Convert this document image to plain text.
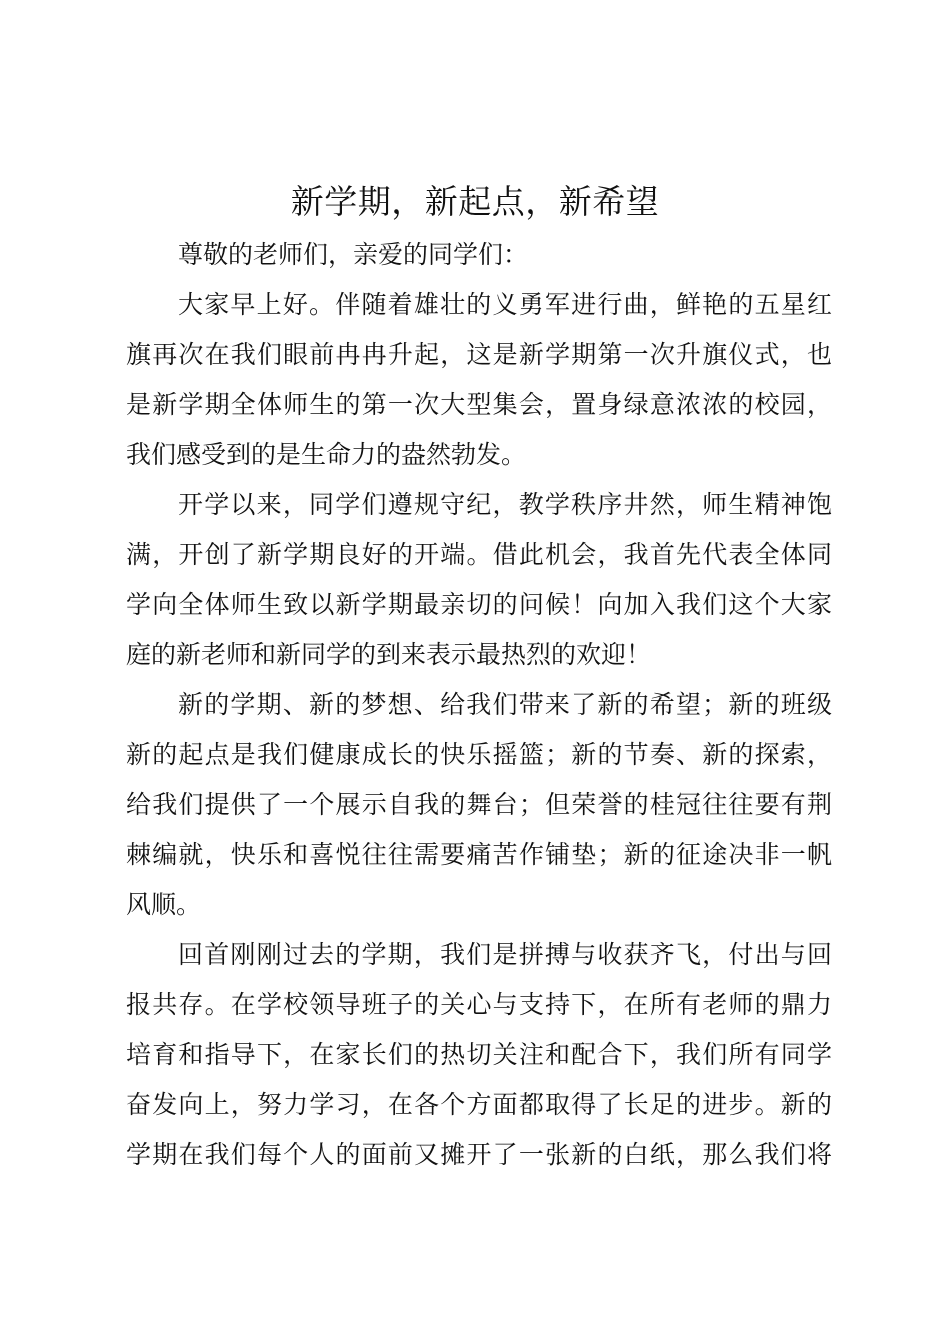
新学期，新起点，新希望

尊敬的老师们，亲爱的同学们：

大家早上好。伴随着雄壮的义勇军进行曲，鲜艳的五星红
旗再次在我们眼前冉冉升起，这是新学期第一次升旗仪式，也
是新学期全体师生的第一次大型集会，置身绿意浓浓的校园，
我们感受到的是生命力的盎然勃发。
开学以来，同学们遵规守纪，教学秩序井然，师生精神饱
满，开创了新学期良好的开端。借此机会，我首先代表全体同
学向全体师生致以新学期最亲切的问候！向加入我们这个大家
庭的新老师和新同学的到来表示最热烈的欢迎！
新的学期、新的梦想、给我们带来了新的希望；新的班级
新的起点是我们健康成长的快乐摇篮；新的节奏、新的探索，
给我们提供了一个展示自我的舞台；但荣誉的桂冠往往要有荆
棘编就，快乐和喜悦往往需要痛苦作铺垫；新的征途决非一帆
风顺。
回首刚刚过去的学期，我们是拼搏与收获齐飞，付出与回
报共存。在学校领导班子的关心与支持下，在所有老师的鼎力
培育和指导下，在家长们的热切关注和配合下，我们所有同学
奋发向上，努力学习，在各个方面都取得了长足的进步。新的
学期在我们每个人的面前又摊开了一张新的白纸，那么我们将
